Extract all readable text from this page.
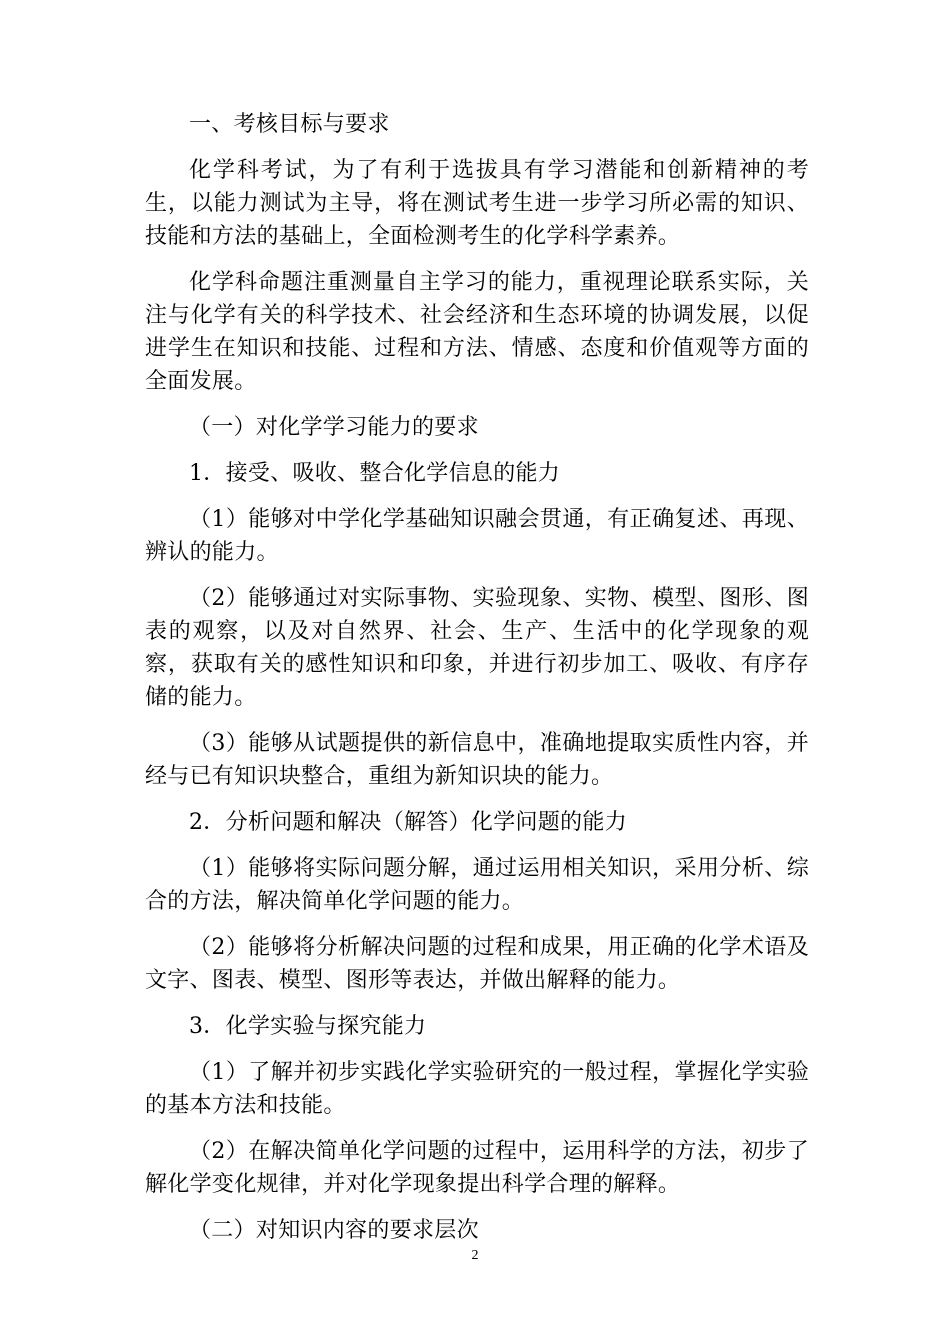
一、考核目标与要求

化学科考试，为了有利于选拔具有学习潜能和创新精神的考生，以能力测试为主导，将在测试考生进一步学习所必需的知识、技能和方法的基础上，全面检测考生的化学科学素养。

化学科命题注重测量自主学习的能力，重视理论联系实际，关注与化学有关的科学技术、社会经济和生态环境的协调发展，以促进学生在知识和技能、过程和方法、情感、态度和价值观等方面的全面发展。

（一）对化学学习能力的要求

1．接受、吸收、整合化学信息的能力

（1）能够对中学化学基础知识融会贯通，有正确复述、再现、辨认的能力。

（2）能够通过对实际事物、实验现象、实物、模型、图形、图表的观察，以及对自然界、社会、生产、生活中的化学现象的观察，获取有关的感性知识和印象，并进行初步加工、吸收、有序存储的能力。

（3）能够从试题提供的新信息中，准确地提取实质性内容，并经与已有知识块整合，重组为新知识块的能力。

2．分析问题和解决（解答）化学问题的能力

（1）能够将实际问题分解，通过运用相关知识，采用分析、综合的方法，解决简单化学问题的能力。

（2）能够将分析解决问题的过程和成果，用正确的化学术语及文字、图表、模型、图形等表达，并做出解释的能力。

3．化学实验与探究能力

（1）了解并初步实践化学实验研究的一般过程，掌握化学实验的基本方法和技能。

（2）在解决简单化学问题的过程中，运用科学的方法，初步了解化学变化规律，并对化学现象提出科学合理的解释。

（二）对知识内容的要求层次

2
